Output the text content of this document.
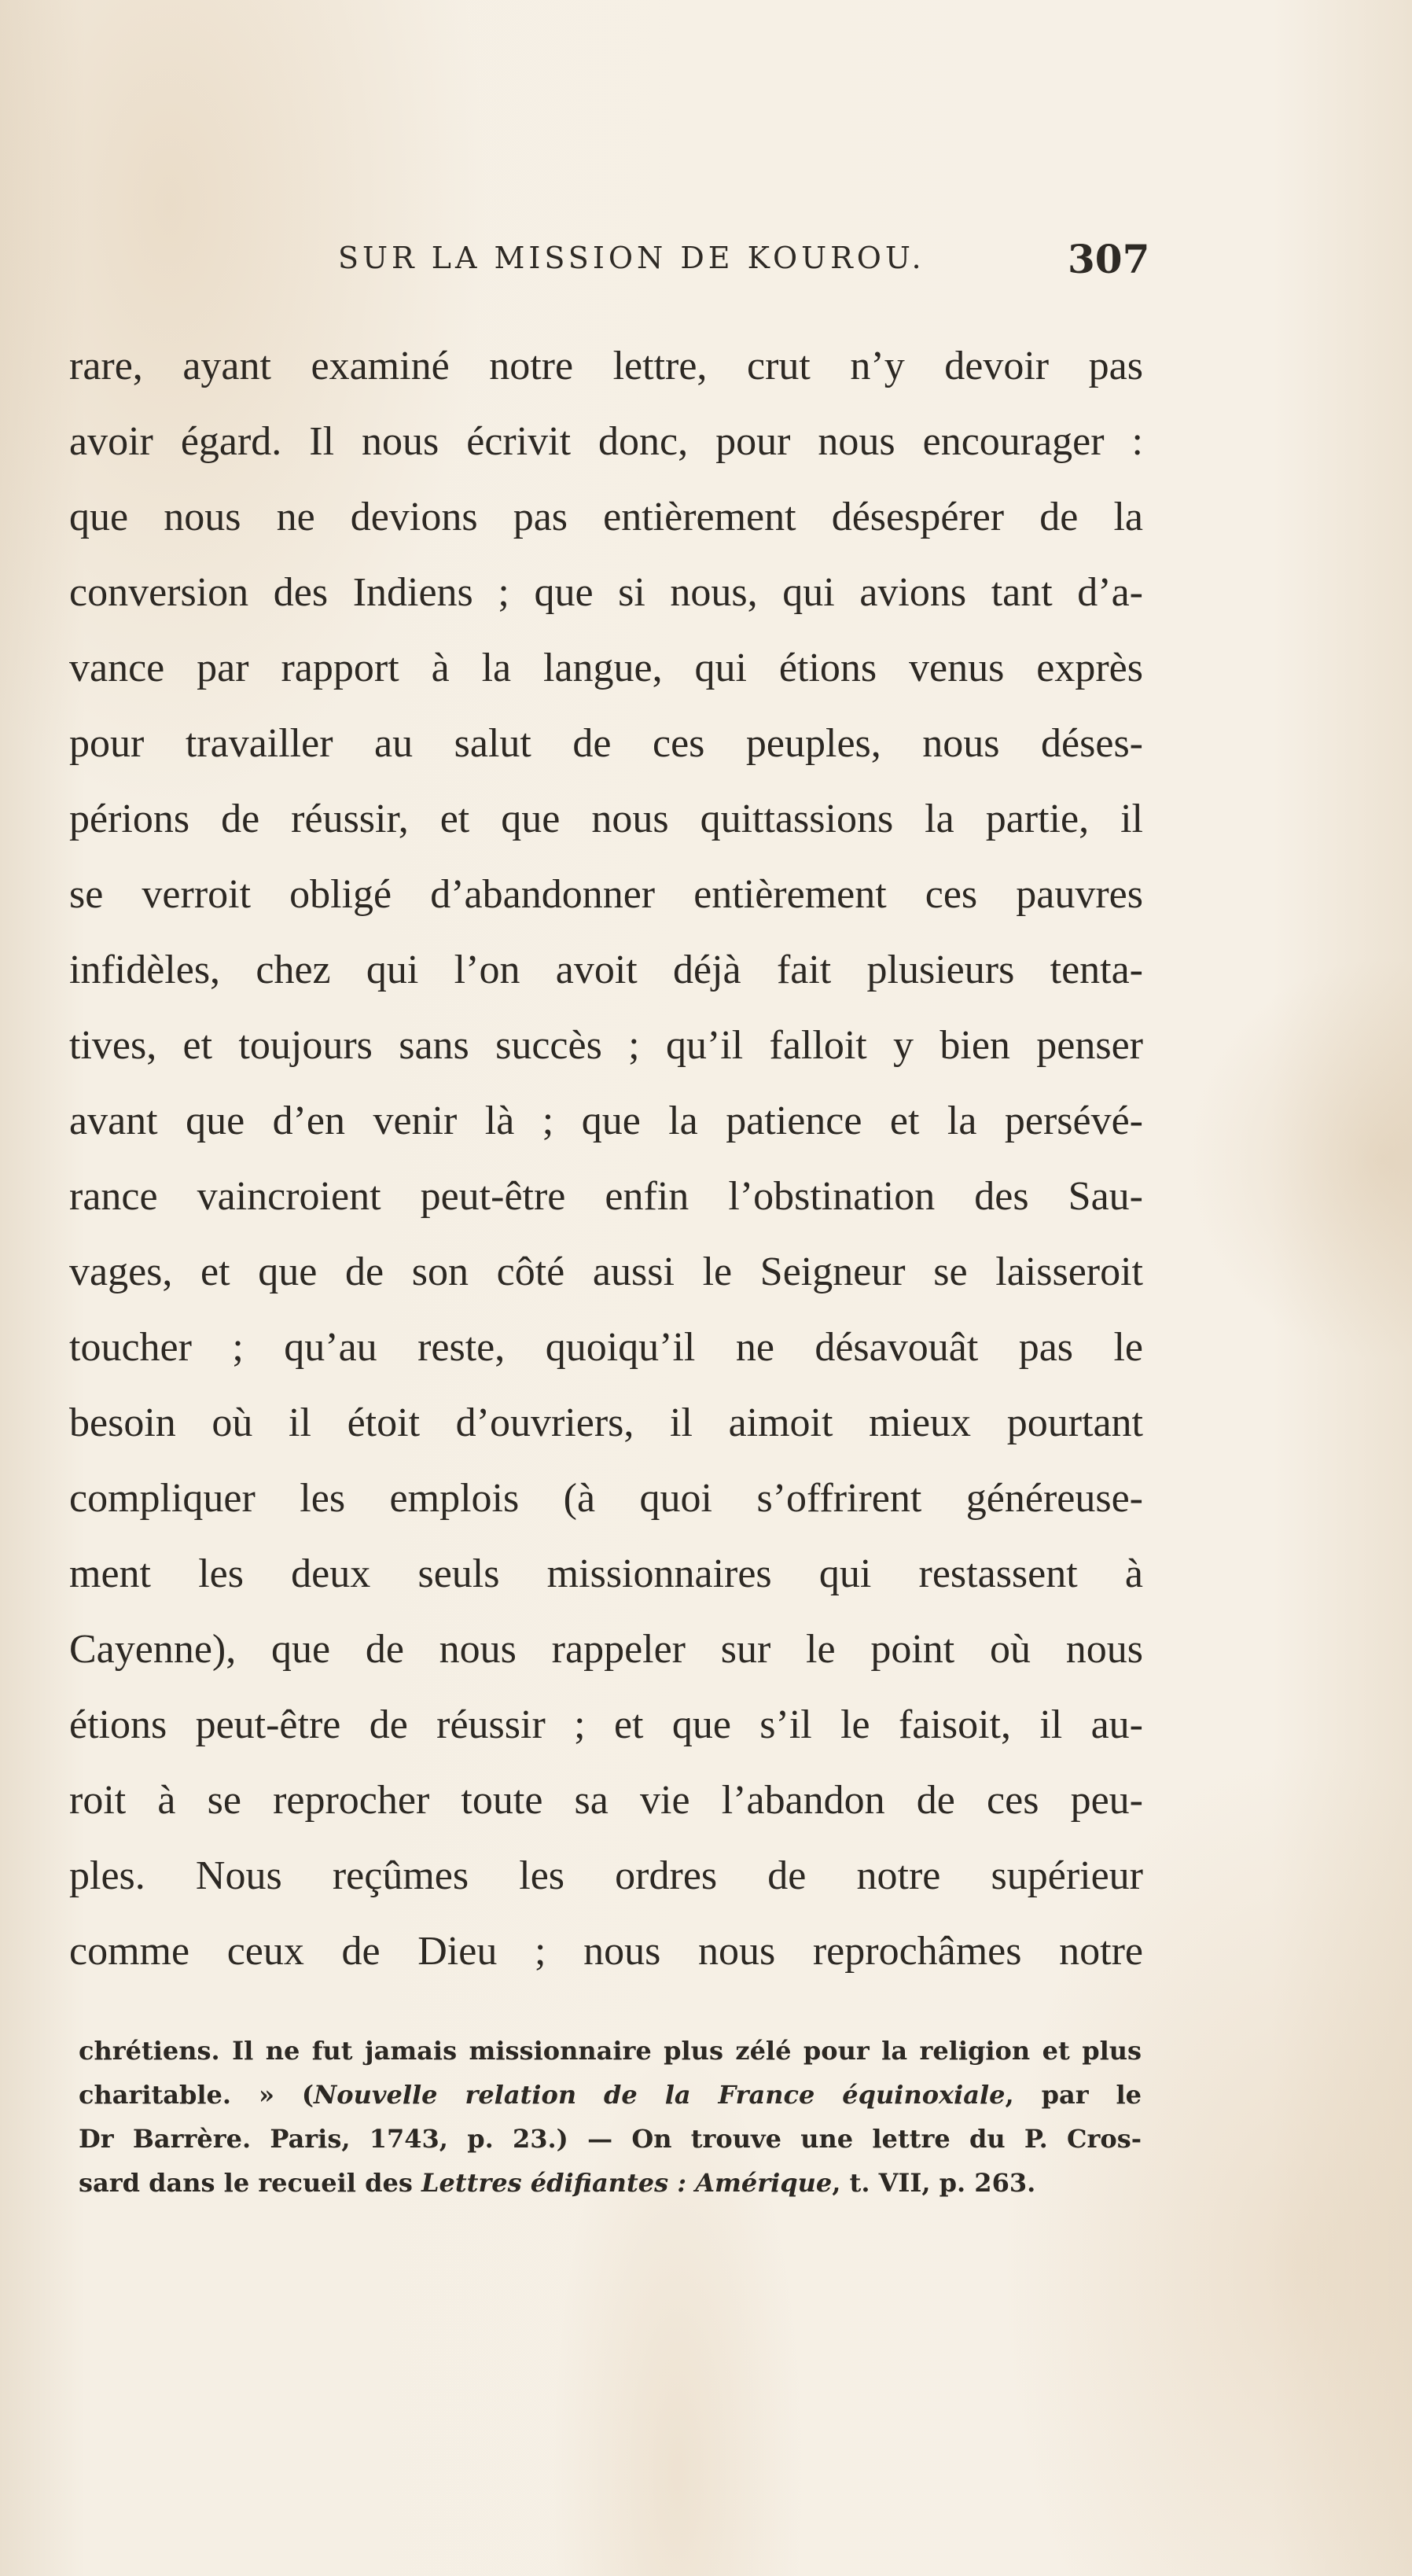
SUR LA MISSION DE KOUROU.	307
rare, ayant examiné notre lettre, crut n’y devoir pas
avoir égard. Il nous écrivit donc, pour nous encourager :
que nous ne devions pas entièrement désespérer de la
conversion des Indiens ; que si nous, qui avions tant d’a-
vance par rapport à la langue, qui étions venus exprès
pour travailler au salut de ces peuples, nous déses-
périons de réussir, et que nous quittassions la partie, il
se verroit obligé d’abandonner entièrement ces pauvres
infidèles, chez qui l’on avoit déjà fait plusieurs tenta-
tives, et toujours sans succès ; qu’il falloit y bien penser
avant que d’en venir là ; que la patience et la persévé-
rance vaincroient peut-être enfin l’obstination des Sau-
vages, et que de son côté aussi le Seigneur se laisseroit
toucher ; qu’au reste, quoiqu’il ne désavouât pas le
besoin où il étoit d’ouvriers, il aimoit mieux pourtant
compliquer les emplois (à quoi s’offrirent généreuse-
ment les deux seuls missionnaires qui restassent à
Cayenne), que de nous rappeler sur le point où nous
étions peut-être de réussir ; et que s’il le faisoit, il au-
roit à se reprocher toute sa vie l’abandon de ces peu-
ples. Nous reçûmes les ordres de notre supérieur
comme ceux de Dieu ; nous nous reprochâmes notre
chrétiens. Il ne fut jamais missionnaire plus zélé pour la religion et plus
charitable. » (Nouvelle relation de la France équinoxiale, par le
Dr Barrère. Paris, 1743, p. 23.) — On trouve une lettre du P. Cros-
sard dans le recueil des Lettres édifiantes : Amérique, t. VII, p. 263.
